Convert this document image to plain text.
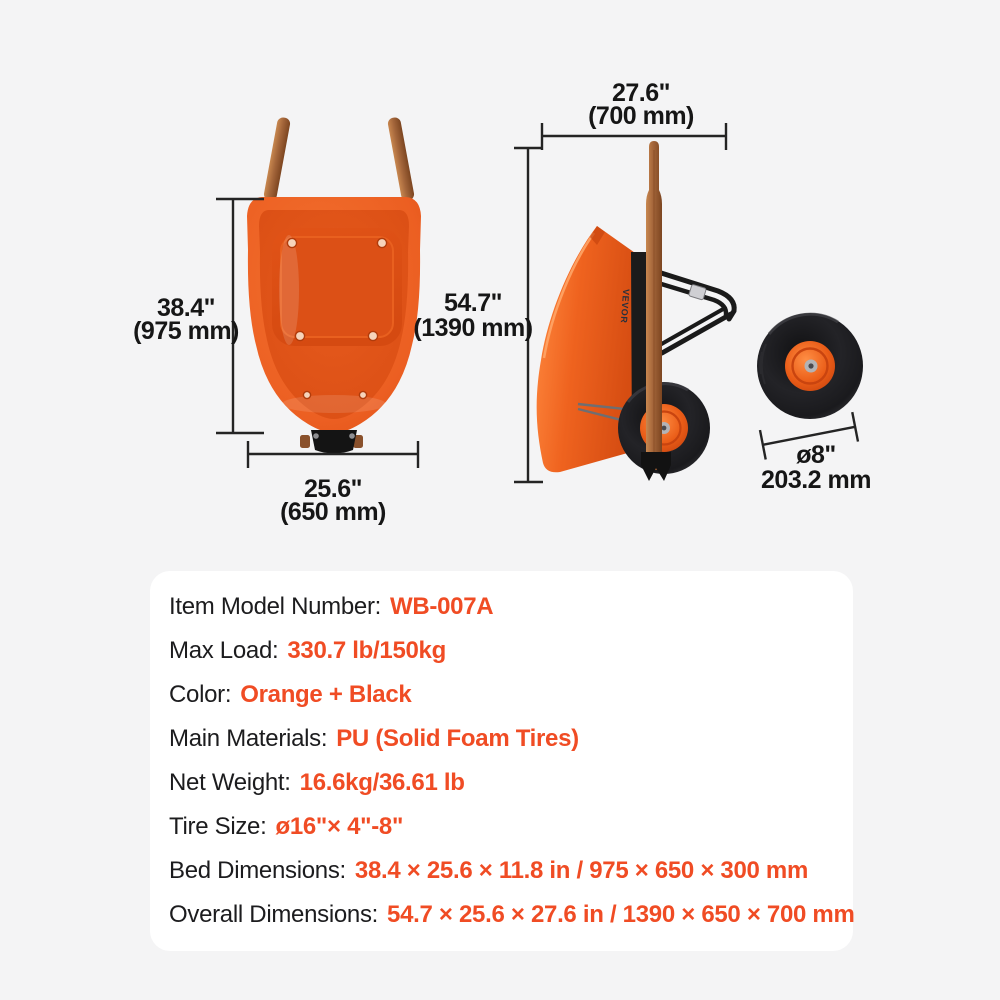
38.4"
(975 mm)
25.6"
(650 mm)
VEVOR
27.6"
(700 mm)
54.7"
(1390 mm)
ø8"
203.2 mm
Item Model Number: WB-007A
Max Load: 330.7 lb/150kg
Color: Orange + Black
Main Materials: PU (Solid Foam Tires)
Net Weight: 16.6kg/36.61 lb
Tire Size: ø16"× 4"-8"
Bed Dimensions: 38.4 × 25.6 × 11.8 in / 975 × 650 × 300 mm
Overall Dimensions: 54.7 × 25.6 × 27.6 in / 1390 × 650 × 700 mm
